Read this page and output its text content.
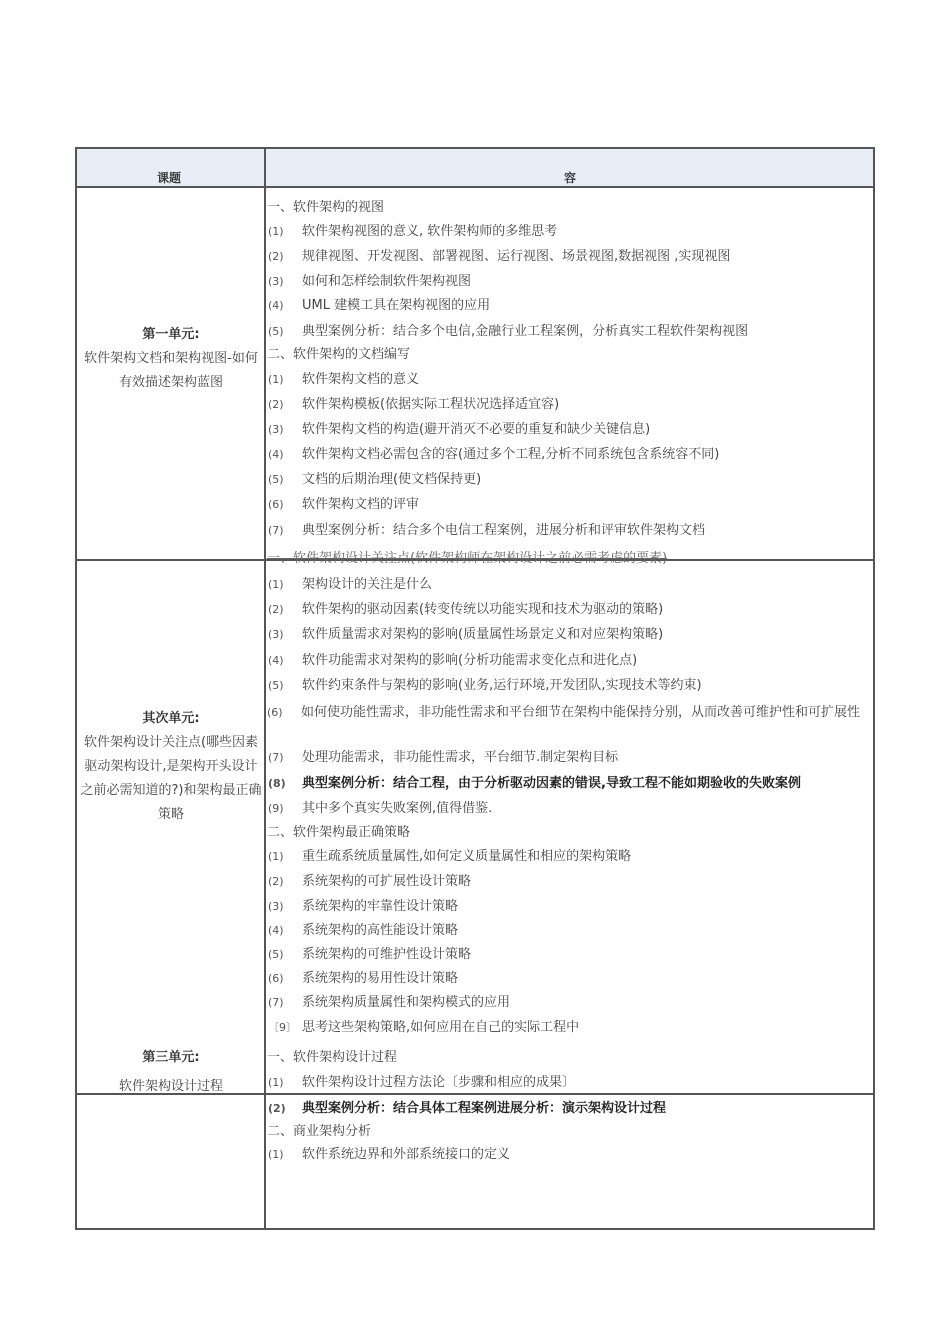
课题	容
第一单元:
软件架构文档和架构视图-如何有效描述架构蓝图
其次单元:
软件架构设计关注点(哪些因素驱动架构设计,是架构开头设计之前必需知道的?)和架构最正确策略
第三单元:
软件架构设计过程
一、软件架构的视图
(1) 软件架构视图的意义, 软件架构师的多维思考
(2) 规律视图、开发视图、部署视图、运行视图、场景视图,数据视图 ,实现视图
(3) 如何和怎样绘制软件架构视图
(4) UML 建模工具在架构视图的应用
(5) 典型案例分析：结合多个电信,金融行业工程案例，分析真实工程软件架构视图
二、软件架构的文档编写
(1) 软件架构文档的意义
(2) 软件架构模板(依据实际工程状况选择适宜容)
(3) 软件架构文档的构造(避开消灭不必要的重复和缺少关键信息)
(4) 软件架构文档必需包含的容(通过多个工程,分析不同系统包含系统容不同)
(5) 文档的后期治理(使文档保持更)
(6) 软件架构文档的评审
(7) 典型案例分析：结合多个电信工程案例，进展分析和评审软件架构文档
一、软件架构设计关注点(软件架构师在架构设计之前必需考虑的要素)
(1) 架构设计的关注是什么
(2) 软件架构的驱动因素(转变传统以功能实现和技术为驱动的策略)
(3) 软件质量需求对架构的影响(质量属性场景定义和对应架构策略)
(4) 软件功能需求对架构的影响(分析功能需求变化点和进化点)
(5) 软件约束条件与架构的影响(业务,运行环境,开发团队,实现技术等约束)
(6) 如何使功能性需求，非功能性需求和平台细节在架构中能保持分别，从而改善可维护性和可扩展性
(7) 处理功能需求，非功能性需求，平台细节.制定架构目标
(8) 典型案例分析：结合工程，由于分析驱动因素的错误,导致工程不能如期验收的失败案例
(9) 其中多个真实失败案例,值得借鉴.
二、软件架构最正确策略
(1) 重生疏系统质量属性,如何定义质量属性和相应的架构策略
(2) 系统架构的可扩展性设计策略
(3) 系统架构的牢靠性设计策略
(4) 系统架构的高性能设计策略
(5) 系统架构的可维护性设计策略
(6) 系统架构的易用性设计策略
(7) 系统架构质量属性和架构模式的应用
〔9〕 思考这些架构策略,如何应用在自己的实际工程中
一、软件架构设计过程
(1) 软件架构设计过程方法论〔步骤和相应的成果〕
(2) 典型案例分析：结合具体工程案例进展分析：演示架构设计过程
二、商业架构分析
(1) 软件系统边界和外部系统接口的定义
